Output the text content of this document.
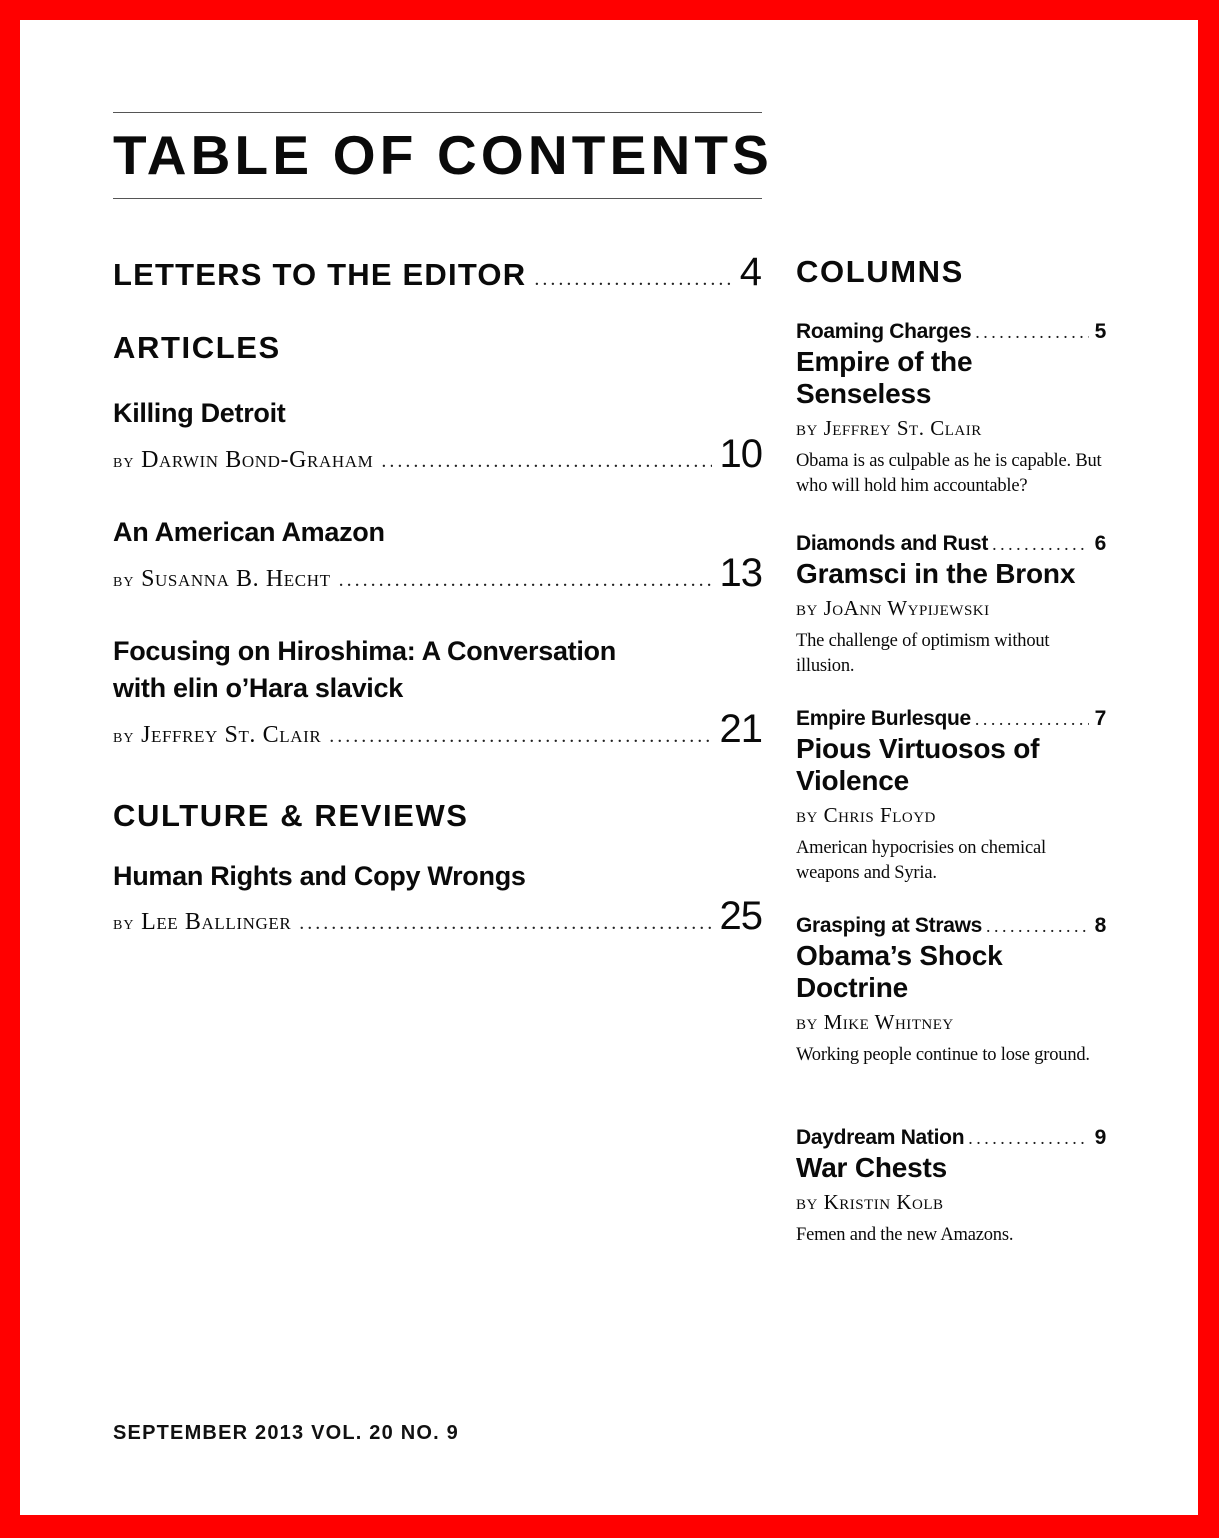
TABLE OF CONTENTS
LETTERS TO THE EDITOR . . .	4
ARTICLES
Killing Detroit
by Darwin Bond-Graham . . .	10
An American Amazon
by Susanna B. Hecht . . .	13
Focusing on Hiroshima: A Conversation with elin o’Hara slavick
by Jeffrey St. Clair . . .	21
CULTURE & REVIEWS
Human Rights and Copy Wrongs
by Lee Ballinger . . .	25
COLUMNS
Roaming Charges . . .	5
Empire of the Senseless
by Jeffrey St. Clair
Obama is as culpable as he is capable. But who will hold him accountable?
Diamonds and Rust . . .	6
Gramsci in the Bronx
by JoAnn Wypijewski
The challenge of optimism without illusion.
Empire Burlesque . . .	7
Pious Virtuosos of Violence
by Chris Floyd
American hypocrisies on chemical weapons and Syria.
Grasping at Straws . . .	8
Obama’s Shock Doctrine
by Mike Whitney
Working people continue to lose ground.
Daydream Nation . . .	9
War Chests
by Kristin Kolb
Femen and the new Amazons.
SEPTEMBER 2013 VOL. 20 NO. 9
